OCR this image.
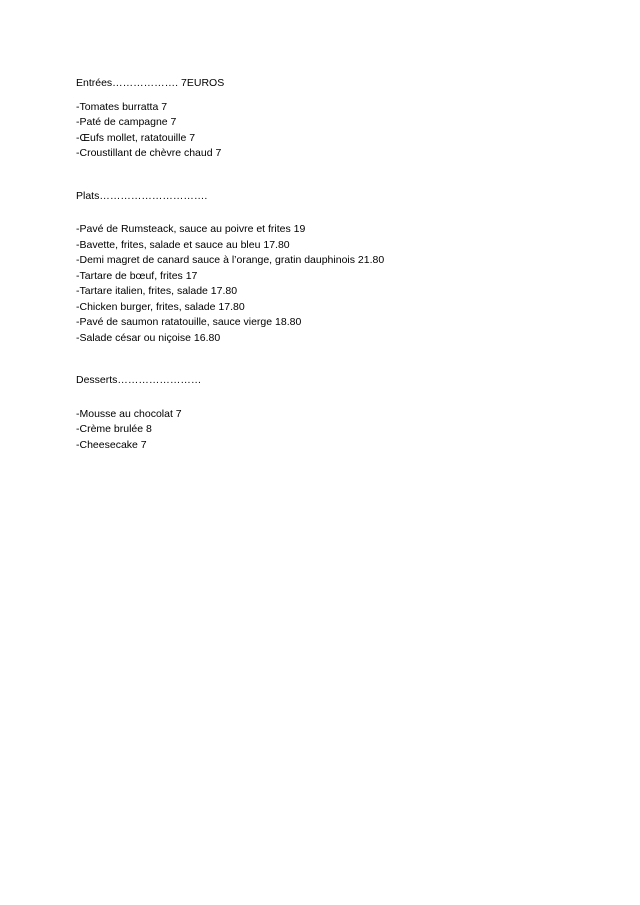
Entrées………………. 7EUROS

-Tomates burratta 7
-Paté de campagne 7
-Œufs mollet, ratatouille 7
-Croustillant de chèvre chaud 7

Plats………………………….

-Pavé de Rumsteack, sauce au poivre et frites 19
-Bavette, frites, salade et sauce au bleu 17.80
-Demi magret de canard sauce à l’orange, gratin dauphinois 21.80
-Tartare de bœuf, frites 17
-Tartare italien, frites, salade 17.80
-Chicken burger, frites, salade 17.80
-Pavé de saumon ratatouille, sauce vierge 18.80
-Salade césar ou niçoise 16.80

Desserts……………………

-Mousse au chocolat 7
-Crème brulée 8
-Cheesecake 7
